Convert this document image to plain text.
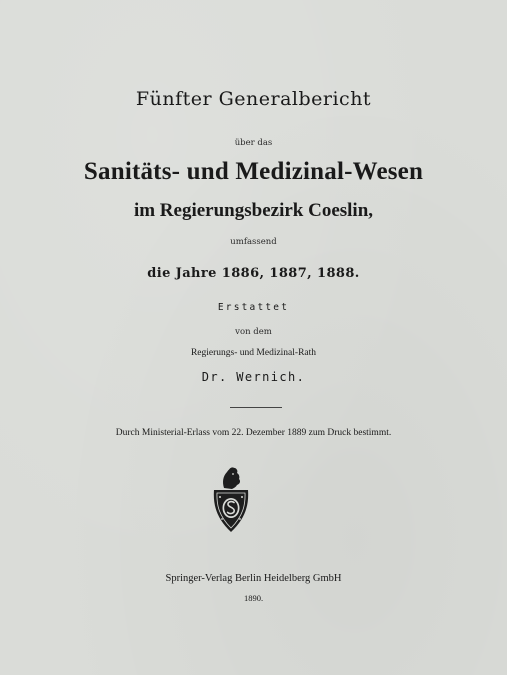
Fünfter Generalbericht
über das
Sanitäts- und Medizinal-Wesen
im Regierungsbezirk Coeslin,
umfassend
die Jahre 1886, 1887, 1888.
Erstattet
von dem
Regierungs- und Medizinal-Rath
Dr. Wernich.
Durch Ministerial-Erlass vom 22. Dezember 1889 zum Druck bestimmt.
Springer-Verlag Berlin Heidelberg GmbH
1890.
